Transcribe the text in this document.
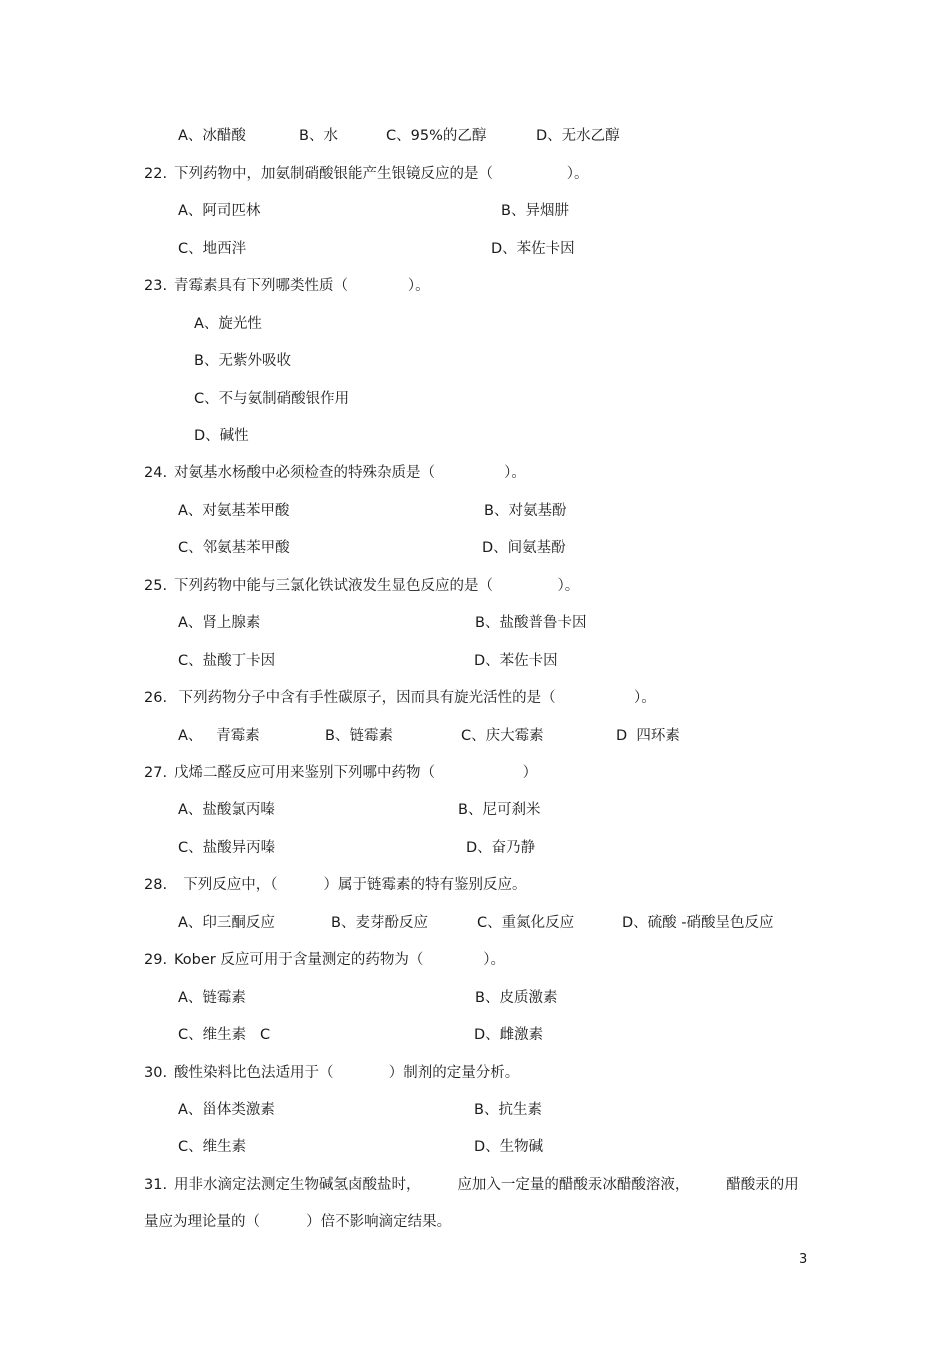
A、冰醋酸	B、水	C、95%的乙醇	D、无水乙醇
22. 下列药物中，加氨制硝酸银能产生银镜反应的是（                ）。
A、阿司匹林	B、异烟肼
C、地西泮	D、苯佐卡因
23. 青霉素具有下列哪类性质（             ）。
A、旋光性
B、无紫外吸收
C、不与氨制硝酸银作用
D、碱性
24. 对氨基水杨酸中必须检查的特殊杂质是（               ）。
A、对氨基苯甲酸	B、对氨基酚
C、邻氨基苯甲酸	D、间氨基酚
25. 下列药物中能与三氯化铁试液发生显色反应的是（              ）。
A、肾上腺素	B、盐酸普鲁卡因
C、盐酸丁卡因	D、苯佐卡因
26. 下列药物分子中含有手性碳原子，因而具有旋光活性的是（                 ）。
A、   青霉素	B、链霉素	C、庆大霉素	D  四环素
27. 戊烯二醛反应可用来鉴别下列哪中药物（                   ）
A、盐酸氯丙嗪	B、尼可刹米
C、盐酸异丙嗪	D、奋乃静
28. 下列反应中，（          ）属于链霉素的特有鉴别反应。
A、印三酮反应	B、麦芽酚反应	C、重氮化反应	D、硫酸 -硝酸呈色反应
29. Kober 反应可用于含量测定的药物为（             ）。
A、链霉素	B、皮质激素
C、维生素   C	D、雌激素
30. 酸性染料比色法适用于（            ）制剂的定量分析。
A、甾体类激素	B、抗生素
C、维生素	D、生物碱
31. 用非水滴定法测定生物碱氢卤酸盐时，        应加入一定量的醋酸汞冰醋酸溶液，        醋酸汞的用
量应为理论量的（          ）倍不影响滴定结果。
3
